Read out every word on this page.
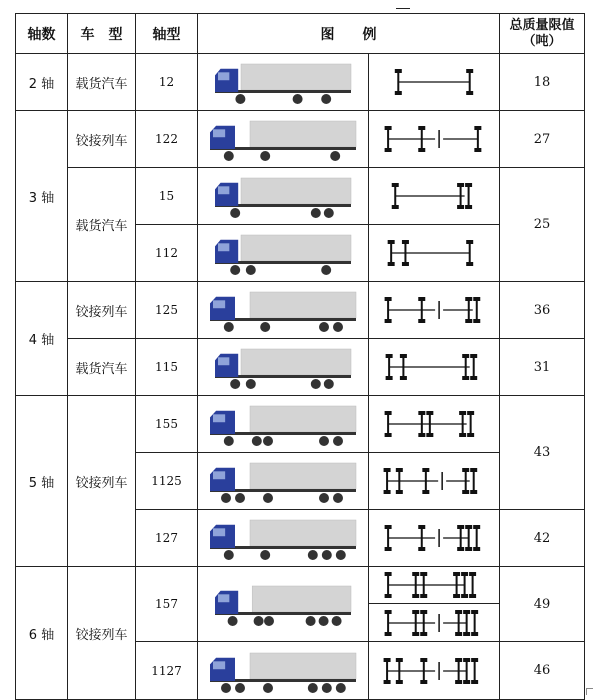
轴数	车　型	轴型	图　　例		总质量限值
（吨）

2 轴	载货汽车	12			18
3 轴	铰接列车	122			27
	载货汽车	15			25
		112	

4 轴	铰接列车	125			36
	载货汽车	115			31
5 轴	铰接列车	155			43
		1125	

		127			42
6 轴	铰接列车	157			49
		1127			46
